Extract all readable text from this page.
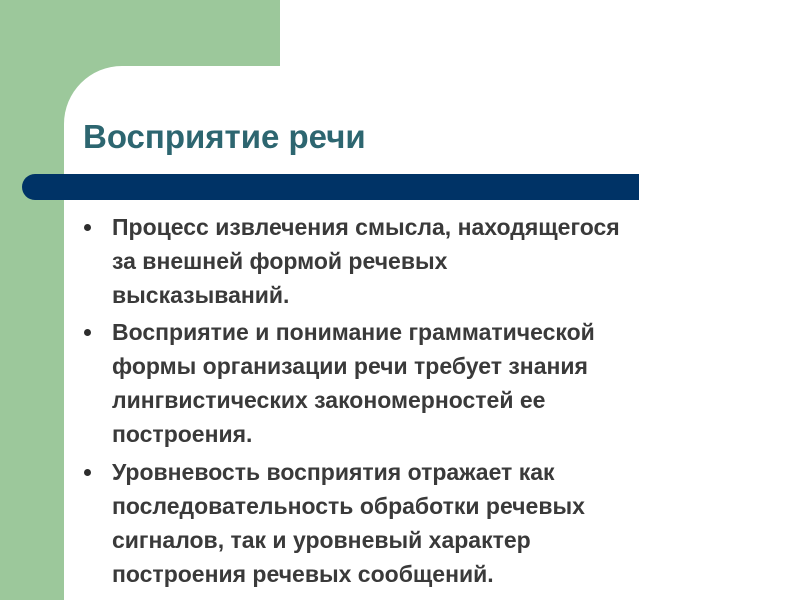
Восприятие речи
Процесс извлечения смысла, находящегося
за внешней формой речевых
высказываний.
Восприятие и понимание грамматической
формы организации речи требует знания
лингвистических закономерностей ее
построения.
Уровневость восприятия отражает как
последовательность обработки речевых
сигналов, так и уровневый характер
построения речевых сообщений.
